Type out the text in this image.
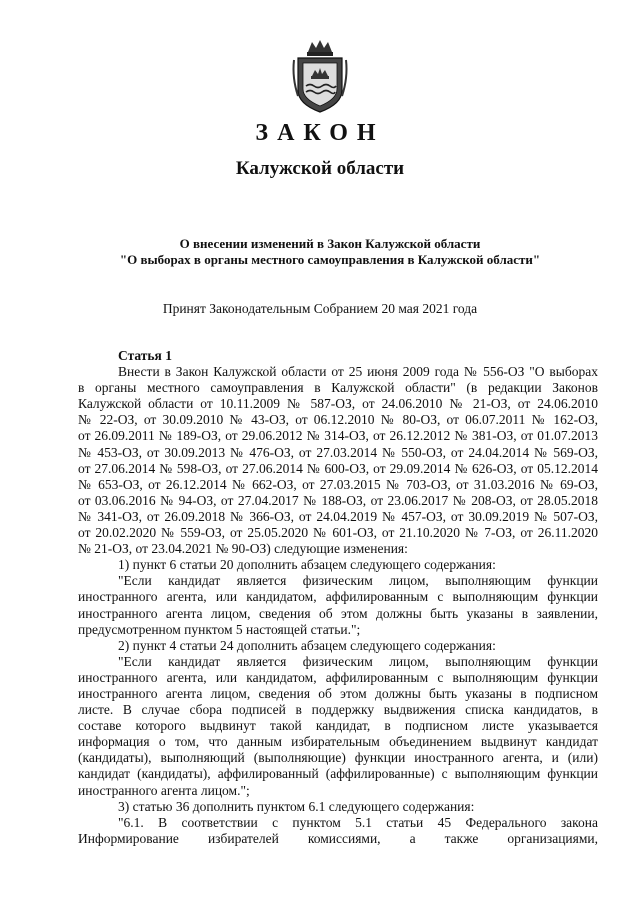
ЗАКОН
Калужской области
О внесении изменений в Закон Калужской области
"О выборах в органы местного самоуправления в Калужской области"
Принят Законодательным Собранием 20 мая 2021 года

Статья 1

Внести в Закон Калужской области от 25 июня 2009 года № 556-ОЗ "О выборах

в органы местного самоуправления в Калужской области" (в редакции Законов

Калужской области от 10.11.2009 № 587-ОЗ, от 24.06.2010 № 21-ОЗ, от 24.06.2010

№ 22-ОЗ, от 30.09.2010 № 43-ОЗ, от 06.12.2010 № 80-ОЗ, от 06.07.2011 № 162-ОЗ,

от 26.09.2011 № 189-ОЗ, от 29.06.2012 № 314-ОЗ, от 26.12.2012 № 381-ОЗ, от 01.07.2013

№ 453-ОЗ, от 30.09.2013 № 476-ОЗ, от 27.03.2014 № 550-ОЗ, от 24.04.2014 № 569-ОЗ,

от 27.06.2014 № 598-ОЗ, от 27.06.2014 № 600-ОЗ, от 29.09.2014 № 626-ОЗ, от 05.12.2014

№ 653-ОЗ, от 26.12.2014 № 662-ОЗ, от 27.03.2015 № 703-ОЗ, от 31.03.2016 № 69-ОЗ,

от 03.06.2016 № 94-ОЗ, от 27.04.2017 № 188-ОЗ, от 23.06.2017 № 208-ОЗ, от 28.05.2018

№ 341-ОЗ, от 26.09.2018 № 366-ОЗ, от 24.04.2019 № 457-ОЗ, от 30.09.2019 № 507-ОЗ,

от 20.02.2020 № 559-ОЗ, от 25.05.2020 № 601-ОЗ, от 21.10.2020 № 7-ОЗ, от 26.11.2020

№ 21-ОЗ, от 23.04.2021 № 90-ОЗ) следующие изменения:

1) пункт 6 статьи 20 дополнить абзацем следующего содержания:

"Если кандидат является физическим лицом, выполняющим функции

иностранного агента, или кандидатом, аффилированным с выполняющим функции

иностранного агента лицом, сведения об этом должны быть указаны в заявлении,

предусмотренном пунктом 5 настоящей статьи.";

2) пункт 4 статьи 24 дополнить абзацем следующего содержания:

"Если кандидат является физическим лицом, выполняющим функции

иностранного агента, или кандидатом, аффилированным с выполняющим функции

иностранного агента лицом, сведения об этом должны быть указаны в подписном

листе. В случае сбора подписей в поддержку выдвижения списка кандидатов, в

составе которого выдвинут такой кандидат, в подписном листе указывается

информация о том, что данным избирательным объединением выдвинут кандидат

(кандидаты), выполняющий (выполняющие) функции иностранного агента, и (или)

кандидат (кандидаты), аффилированный (аффилированные) с выполняющим функции

иностранного агента лицом.";

3) статью 36 дополнить пунктом 6.1 следующего содержания:

"6.1. В соответствии с пунктом 5.1 статьи 45 Федерального закона

Информирование избирателей комиссиями, а также организациями,
